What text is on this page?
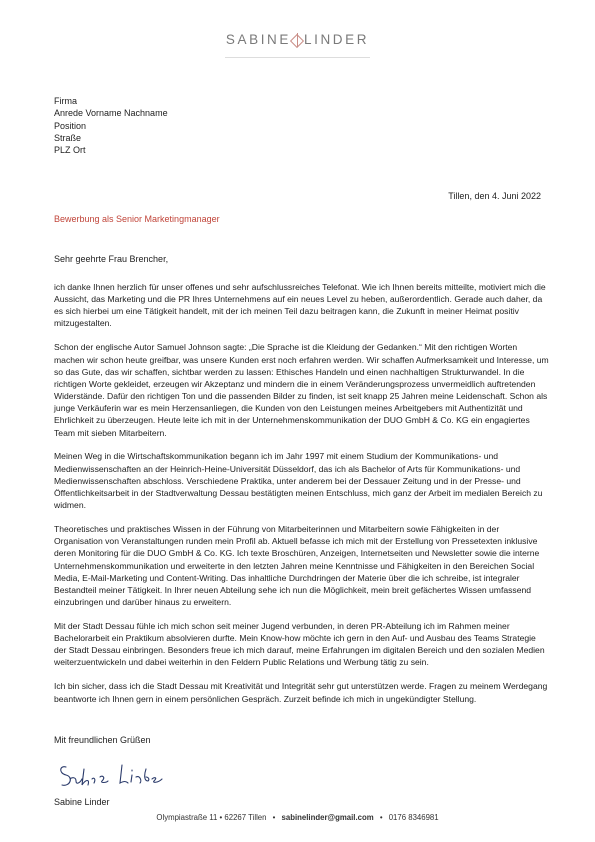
SABINE LINDER
Firma
Anrede Vorname Nachname
Position
Straße
PLZ Ort
Tillen, den 4. Juni 2022
Bewerbung als Senior Marketingmanager
Sehr geehrte Frau Brencher,

ich danke Ihnen herzlich für unser offenes und sehr aufschlussreiches Telefonat. Wie ich Ihnen bereits mitteilte, motiviert mich die Aussicht, das Marketing und die PR Ihres Unternehmens auf ein neues Level zu heben, außerordentlich. Gerade auch daher, da es sich hierbei um eine Tätigkeit handelt, mit der ich meinen Teil dazu beitragen kann, die Zukunft in meiner Heimat positiv mitzugestalten.

Schon der englische Autor Samuel Johnson sagte: „Die Sprache ist die Kleidung der Gedanken.“ Mit den richtigen Worten machen wir schon heute greifbar, was unsere Kunden erst noch erfahren werden. Wir schaffen Aufmerksamkeit und Interesse, um so das Gute, das wir schaffen, sichtbar werden zu lassen: Ethisches Handeln und einen nachhaltigen Strukturwandel. In die richtigen Worte gekleidet, erzeugen wir Akzeptanz und mindern die in einem Veränderungsprozess unvermeidlich auftretenden Widerstände. Dafür den richtigen Ton und die passenden Bilder zu finden, ist seit knapp 25 Jahren meine Leidenschaft. Schon als junge Verkäuferin war es mein Herzensanliegen, die Kunden von den Leistungen meines Arbeitgebers mit Authentizität und Ehrlichkeit zu überzeugen. Heute leite ich mit in der Unternehmenskommunikation der DUO GmbH & Co. KG ein engagiertes Team mit sieben Mitarbeitern.

Meinen Weg in die Wirtschaftskommunikation begann ich im Jahr 1997 mit einem Studium der Kommunikations- und Medienwissenschaften an der Heinrich-Heine-Universität Düsseldorf, das ich als Bachelor of Arts für Kommunikations- und Medienwissenschaften abschloss. Verschiedene Praktika, unter anderem bei der Dessauer Zeitung und in der Presse- und Öffentlichkeitsarbeit in der Stadtverwaltung Dessau bestätigten meinen Entschluss, mich ganz der Arbeit im medialen Bereich zu widmen.

Theoretisches und praktisches Wissen in der Führung von Mitarbeiterinnen und Mitarbeitern sowie Fähigkeiten in der Organisation von Veranstaltungen runden mein Profil ab. Aktuell befasse ich mich mit der Erstellung von Pressetexten inklusive deren Monitoring für die DUO GmbH & Co. KG. Ich texte Broschüren, Anzeigen, Internetseiten und Newsletter sowie die interne Unternehmenskommunikation und erweiterte in den letzten Jahren meine Kenntnisse und Fähigkeiten in den Bereichen Social Media, E-Mail-Marketing und Content-Writing. Das inhaltliche Durchdringen der Materie über die ich schreibe, ist integraler Bestandteil meiner Tätigkeit. In Ihrer neuen Abteilung sehe ich nun die Möglichkeit, mein breit gefächertes Wissen umfassend einzubringen und darüber hinaus zu erweitern.

Mit der Stadt Dessau fühle ich mich schon seit meiner Jugend verbunden, in deren PR-Abteilung ich im Rahmen meiner Bachelorarbeit ein Praktikum absolvieren durfte. Mein Know-how möchte ich gern in den Auf- und Ausbau des Teams Strategie der Stadt Dessau einbringen. Besonders freue ich mich darauf, meine Erfahrungen im digitalen Bereich und den sozialen Medien weiterzuentwickeln und dabei weiterhin in den Feldern Public Relations und Werbung tätig zu sein.

Ich bin sicher, dass ich die Stadt Dessau mit Kreativität und Integrität sehr gut unterstützen werde. Fragen zu meinem Werdegang beantworte ich Ihnen gern in einem persönlichen Gespräch. Zurzeit befinde ich mich in ungekündigter Stellung.

Mit freundlichen Grüßen
Sabine Linder
Olympiastraße 11 • 62267 Tillen • sabinelinder@gmail.com • 0176 8346981
